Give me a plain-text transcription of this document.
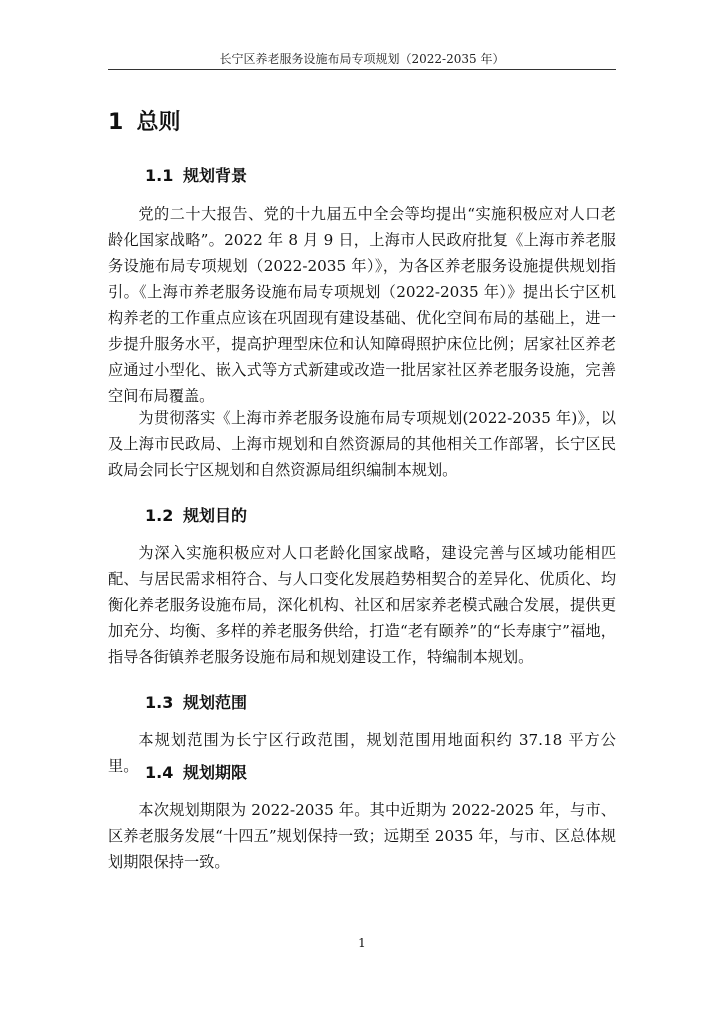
长宁区养老服务设施布局专项规划（2022-2035 年）
1 总则
1.1 规划背景

党的二十大报告、党的十九届五中全会等均提出“实施积极应对人口老龄化国家战略”。2022 年 8 月 9 日，上海市人民政府批复《上海市养老服务设施布局专项规划（2022-2035 年）》，为各区养老服务设施提供规划指引。《上海市养老服务设施布局专项规划（2022-2035 年）》提出长宁区机构养老的工作重点应该在巩固现有建设基础、优化空间布局的基础上，进一步提升服务水平，提高护理型床位和认知障碍照护床位比例；居家社区养老应通过小型化、嵌入式等方式新建或改造一批居家社区养老服务设施，完善空间布局覆盖。

为贯彻落实《上海市养老服务设施布局专项规划(2022-2035 年)》，以及上海市民政局、上海市规划和自然资源局的其他相关工作部署，长宁区民政局会同长宁区规划和自然资源局组织编制本规划。

1.2 规划目的

为深入实施积极应对人口老龄化国家战略，建设完善与区域功能相匹配、与居民需求相符合、与人口变化发展趋势相契合的差异化、优质化、均衡化养老服务设施布局，深化机构、社区和居家养老模式融合发展，提供更加充分、均衡、多样的养老服务供给，打造“老有颐养”的“长寿康宁”福地，指导各街镇养老服务设施布局和规划建设工作，特编制本规划。

1.3 规划范围

本规划范围为长宁区行政范围，规划范围用地面积约 37.18 平方公里。 1.4 规划期限

本次规划期限为 2022-2035 年。其中近期为 2022-2025 年，与市、区养老服务发展“十四五”规划保持一致；远期至 2035 年，与市、区总体规划期限保持一致。

1
